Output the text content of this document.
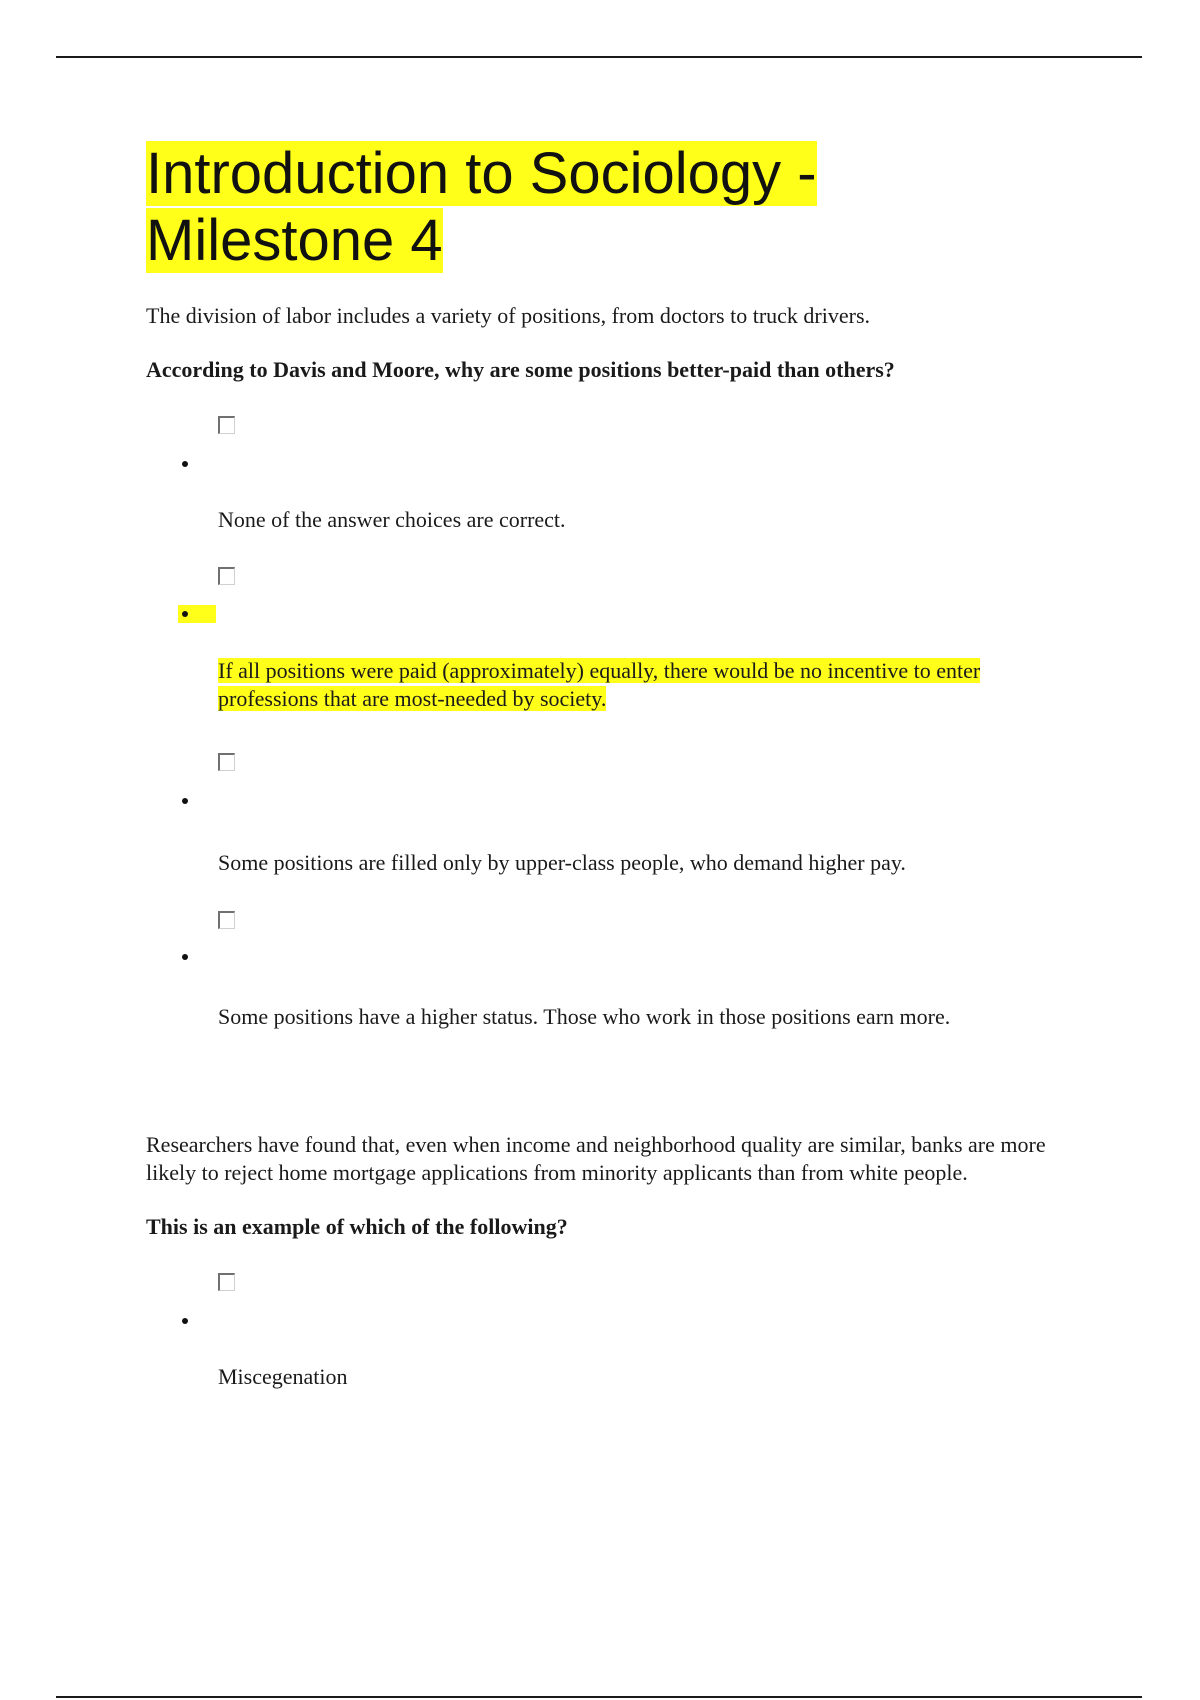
Introduction to Sociology - Milestone 4

The division of labor includes a variety of positions, from doctors to truck drivers.

According to Davis and Moore, why are some positions better-paid than others?

None of the answer choices are correct.

If all positions were paid (approximately) equally, there would be no incentive to enter professions that are most-needed by society.

Some positions are filled only by upper-class people, who demand higher pay.

Some positions have a higher status. Those who work in those positions earn more.

Researchers have found that, even when income and neighborhood quality are similar, banks are more likely to reject home mortgage applications from minority applicants than from white people.

This is an example of which of the following?

Miscegenation
